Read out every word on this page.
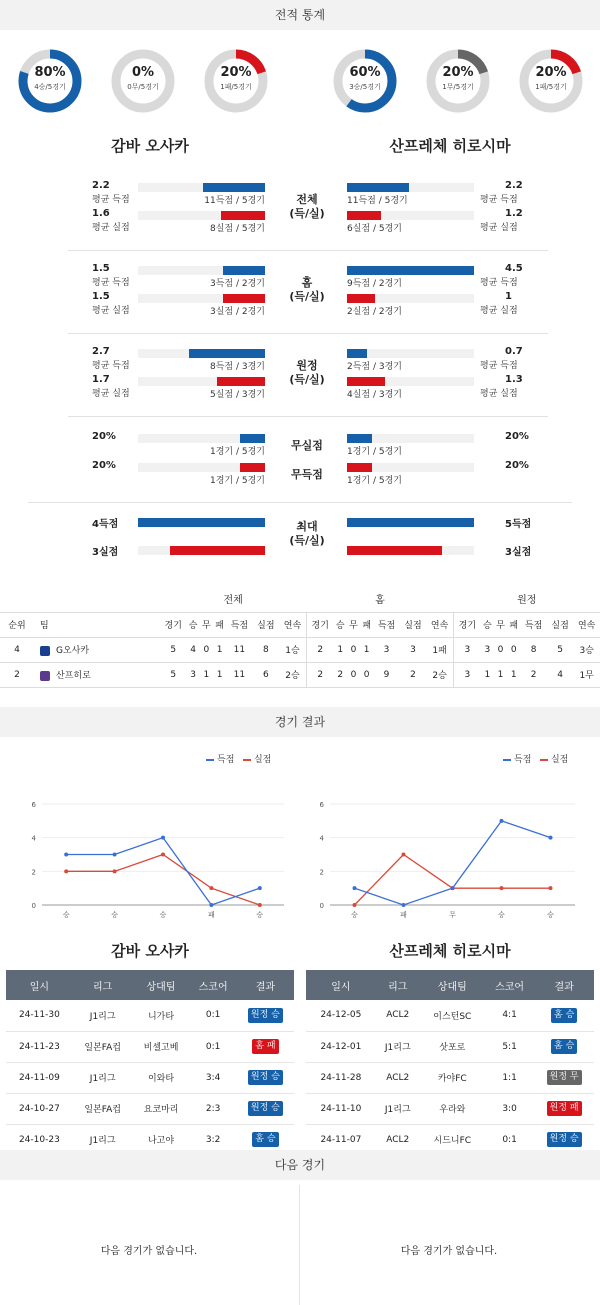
전적 통계
80%
4승/5경기
0%
0무/5경기
20%
1패/5경기
60%
3승/5경기
20%
1무/5경기
20%
1패/5경기
감바 오사카	산프레체 히로시마
2.2
평균 득점	11득점 / 5경기
1.6
평균 실점	8실점 / 5경기
2.2
평균 득점
11득점 / 5경기
1.2
평균 실점
6실점 / 5경기
전체
(득/실)
1.5
평균 득점	3득점 / 2경기
1.5
평균 실점	3실점 / 2경기
4.5
평균 득점
9득점 / 2경기
1
평균 실점
2실점 / 2경기
홈
(득/실)
2.7
평균 득점	8득점 / 3경기
1.7
평균 실점	5실점 / 3경기
0.7
평균 득점
2득점 / 3경기
1.3
평균 실점
4실점 / 3경기
원정
(득/실)
20%
1경기 / 5경기
20%
1경기 / 5경기
20%
1경기 / 5경기
20%
1경기 / 5경기
무실점
무득점
4득점
3실점
5득점
3실점
최대
(득/실)
		전체							홈							원정						
순위	팀	경기	승	무	패	득점	실점	연속	경기	승	무	패	득점	실점	연속	경기	승	무	패	득점	실점	연속
4	G오사카	5	4	0	1	11	8	1승	2	1	0	1	3	3	1패	3	3	0	0	8	5	3승
2	산프히로	5	3	1	1	11	6	2승	2	2	0	0	9	2	2승	3	1	1	1	2	4	1무
경기 결과
득점 실점	득점 실점
0
2
4
6
승	승	승	패	승
0
2
4
6
승	패	무	승	승
감바 오사카	산프레체 히로시마
일시	리그	상대팀	스코어	결과
24-11-30	J1리그	니가타	0:1	원정 승
24-11-23	일본FA컵	비셀고베	0:1	홈 패
24-11-09	J1리그	이와타	3:4	원정 승
24-10-27	일본FA컵	요코마리	2:3	원정 승
24-10-23	J1리그	나고야	3:2	홈 승
일시	리그	상대팀	스코어	결과
24-12-05	ACL2	이스턴SC	4:1	홈 승
24-12-01	J1리그	삿포로	5:1	홈 승
24-11-28	ACL2	카야FC	1:1	원정 무
24-11-10	J1리그	우라와	3:0	원정 패
24-11-07	ACL2	시드니FC	0:1	원정 승
다음 경기
다음 경기가 없습니다.	다음 경기가 없습니다.
